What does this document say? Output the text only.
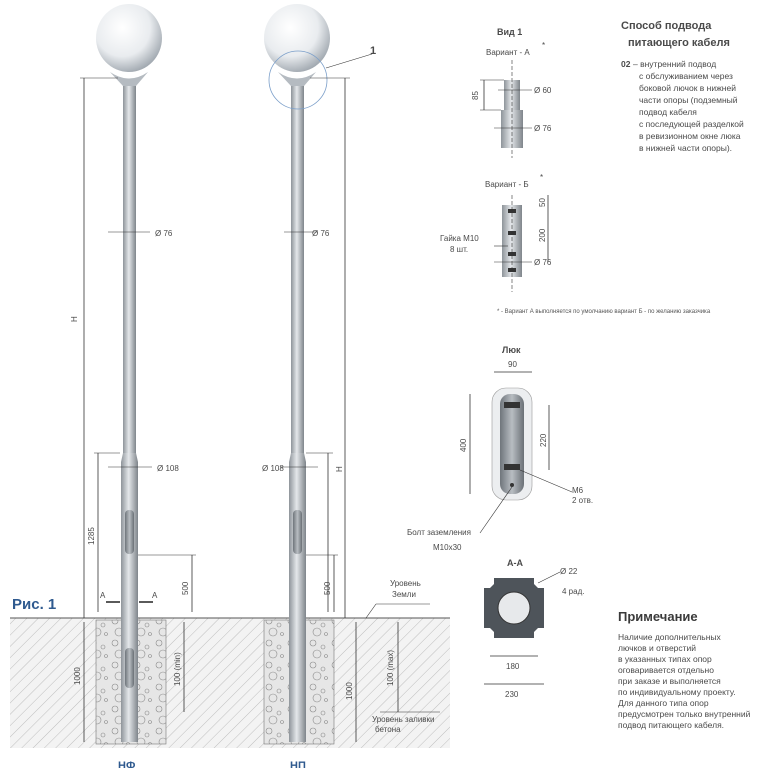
1
H
1285
500
1000	100 (min)
Ø 76
Ø 108
A	A
H
500
1000
100 (max)
Ø 76
Ø 108
Уровень
Земли
Уровень заливки
бетона
Рис. 1
НФ	НП
Вид 1
Вариант - А
*
85
Ø 60
Ø 76
Вариант - Б
*
50
200
Гайка M10
8 шт.
Ø 76
* - Вариант А выполняется по умолчанию вариант Б - по желанию заказчика
Люк
90
400	220
M6
2 отв.
Болт заземления
M10x30
A-A
Ø 22
4 рад.
180
230
Способ подвода
питающего кабеля
02 – внутренний подвод
с обслуживанием через
боковой лючок в нижней
части опоры (подземный
подвод кабеля
с последующей разделкой
в ревизионном окне люка
в нижней части опоры).
Примечание
Наличие дополнительных
лючков и отверстий
в указанных типах опор
оговаривается отдельно
при заказе и выполняется
по индивидуальному проекту.
Для данного типа опор
предусмотрен только внутренний
подвод питающего кабеля.
